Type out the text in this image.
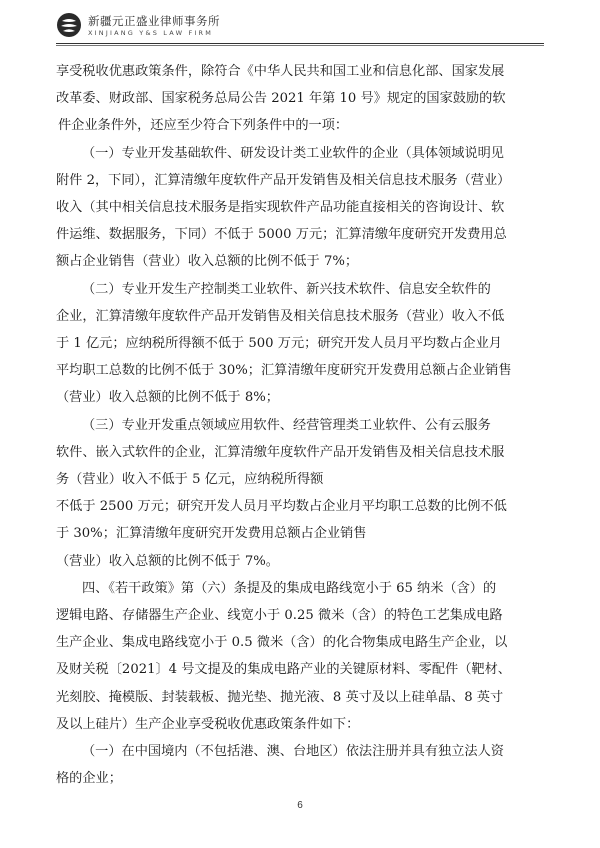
新疆元正盛业律师事务所
XINJIANG Y&S LAW FIRM

享受税收优惠政策条件，除符合《中华人民共和国工业和信息化部、国家发展

改革委、财政部、国家税务总局公告 2021 年第 10 号》规定的国家鼓励的软

件企业条件外，还应至少符合下列条件中的一项：

（一）专业开发基础软件、研发设计类工业软件的企业（具体领域说明见

附件 2，下同），汇算清缴年度软件产品开发销售及相关信息技术服务（营业）

收入（其中相关信息技术服务是指实现软件产品功能直接相关的咨询设计、软

件运维、数据服务，下同）不低于 5000 万元；汇算清缴年度研究开发费用总

额占企业销售（营业）收入总额的比例不低于 7%；

（二）专业开发生产控制类工业软件、新兴技术软件、信息安全软件的

企业，汇算清缴年度软件产品开发销售及相关信息技术服务（营业）收入不低

于 1 亿元；应纳税所得额不低于 500 万元；研究开发人员月平均数占企业月

平均职工总数的比例不低于 30%；汇算清缴年度研究开发费用总额占企业销售

（营业）收入总额的比例不低于 8%；

（三）专业开发重点领域应用软件、经营管理类工业软件、公有云服务

软件、嵌入式软件的企业，汇算清缴年度软件产品开发销售及相关信息技术服

务（营业）收入不低于 5 亿元，应纳税所得额

不低于 2500 万元；研究开发人员月平均数占企业月平均职工总数的比例不低

于 30%；汇算清缴年度研究开发费用总额占企业销售

（营业）收入总额的比例不低于 7%。

四、《若干政策》第（六）条提及的集成电路线宽小于 65 纳米（含）的

逻辑电路、存储器生产企业、线宽小于 0.25 微米（含）的特色工艺集成电路

生产企业、集成电路线宽小于 0.5 微米（含）的化合物集成电路生产企业，以

及财关税〔2021〕4 号文提及的集成电路产业的关键原材料、零配件（靶材、

光刻胶、掩模版、封装载板、抛光垫、抛光液、8 英寸及以上硅单晶、8 英寸

及以上硅片）生产企业享受税收优惠政策条件如下：

（一）在中国境内（不包括港、澳、台地区）依法注册并具有独立法人资

格的企业；

6
